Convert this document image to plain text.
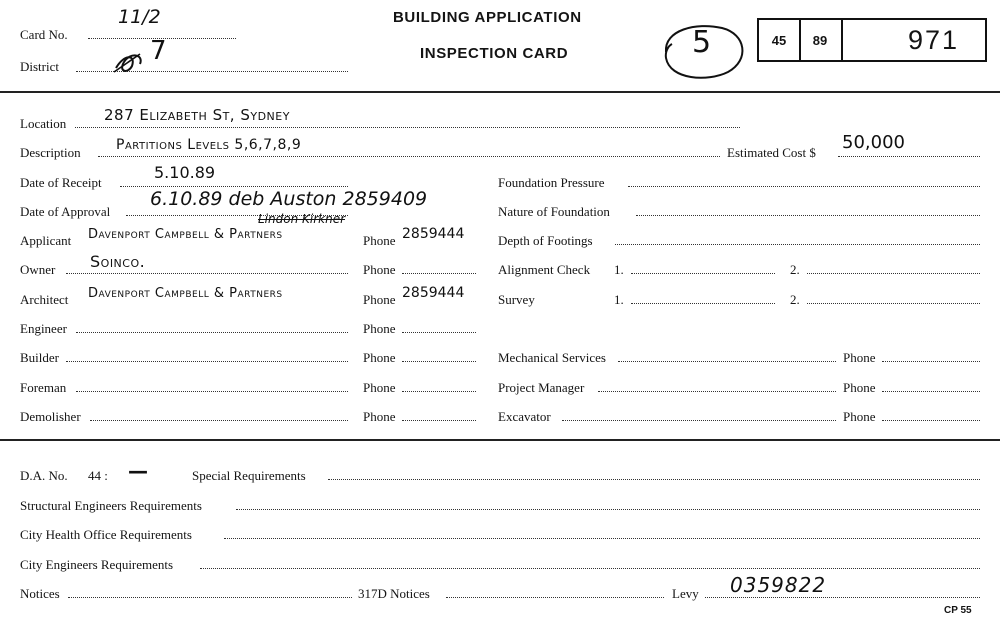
Card No.
11/2
District
7
BUILDING APPLICATION
INSPECTION CARD	5	45	89	971
Location	287 Elizabeth St, Sydney
Description	Partitions Levels 5,6,7,8,9	Estimated Cost $ 50,000
Date of Receipt
5.10.89
Date of Approval
6.10.89 deb Auston 2859409
Lindon Kirkner
Applicant Davenport Campbell & Partners	Phone 2859444
Owner Soinco.	Phone
Architect Davenport Campbell & Partners	Phone 2859444
Engineer	Phone
Builder	Phone
Foreman	Phone
Demolisher	Phone
Foundation Pressure
Nature of Foundation
Depth of Footings
Alignment Check 1.	2.
Survey	1.	2.
Mechanical Services	Phone
Project Manager	Phone
Excavator	Phone
D.A. No. 44 : —	Special Requirements
Structural Engineers Requirements
City Health Office Requirements
City Engineers Requirements
Notices	317D Notices	Levy 0359822
CP 55
